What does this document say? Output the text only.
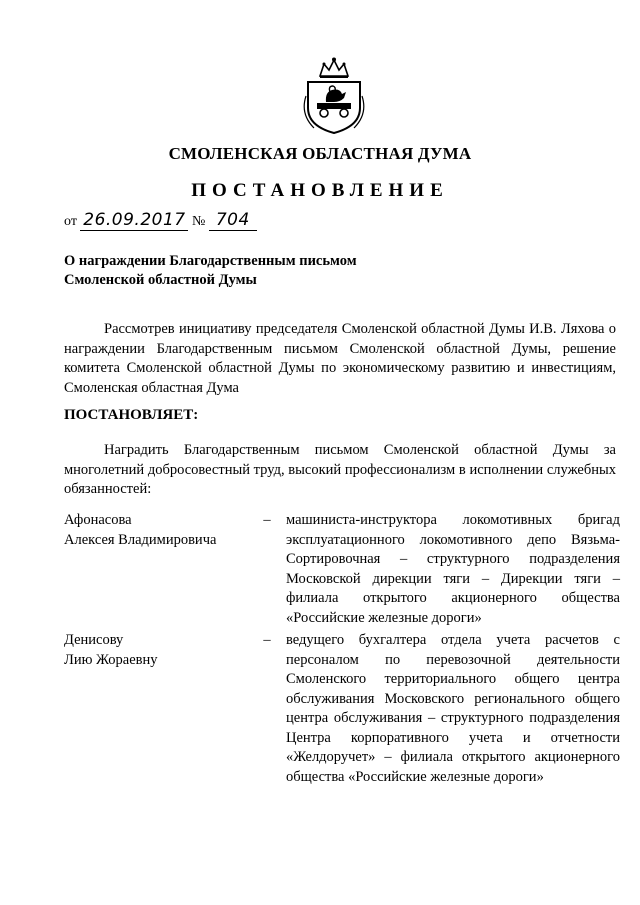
СМОЛЕНСКАЯ ОБЛАСТНАЯ ДУМА
ПОСТАНОВЛЕНИЕ
от 26.09.2017 № 704
О награждении Благодарственным письмом
Смоленской областной Думы
Рассмотрев инициативу председателя Смоленской областной Думы И.В. Ляхова о награждении Благодарственным письмом Смоленской областной Думы, решение комитета Смоленской областной Думы по экономическому развитию и инвестициям, Смоленская областная Дума
ПОСТАНОВЛЯЕТ:
Наградить Благодарственным письмом Смоленской областной Думы за многолетний добросовестный труд, высокий профессионализм в исполнении служебных обязанностей:
Афонасова
Алексея Владимировича
– машиниста-инструктора локомотивных бригад эксплуатационного локомотивного депо Вязьма-Сортировочная – структурного подразделения Московской дирекции тяги – Дирекции тяги – филиала открытого акционерного общества «Российские железные дороги»
Денисову
Лию Жораевну
– ведущего бухгалтера отдела учета расчетов с персоналом по перевозочной деятельности Смоленского территориального общего центра обслуживания Московского регионального общего центра обслуживания – структурного подразделения Центра корпоративного учета и отчетности «Желдоручет» – филиала открытого акционерного общества «Российские железные дороги»
